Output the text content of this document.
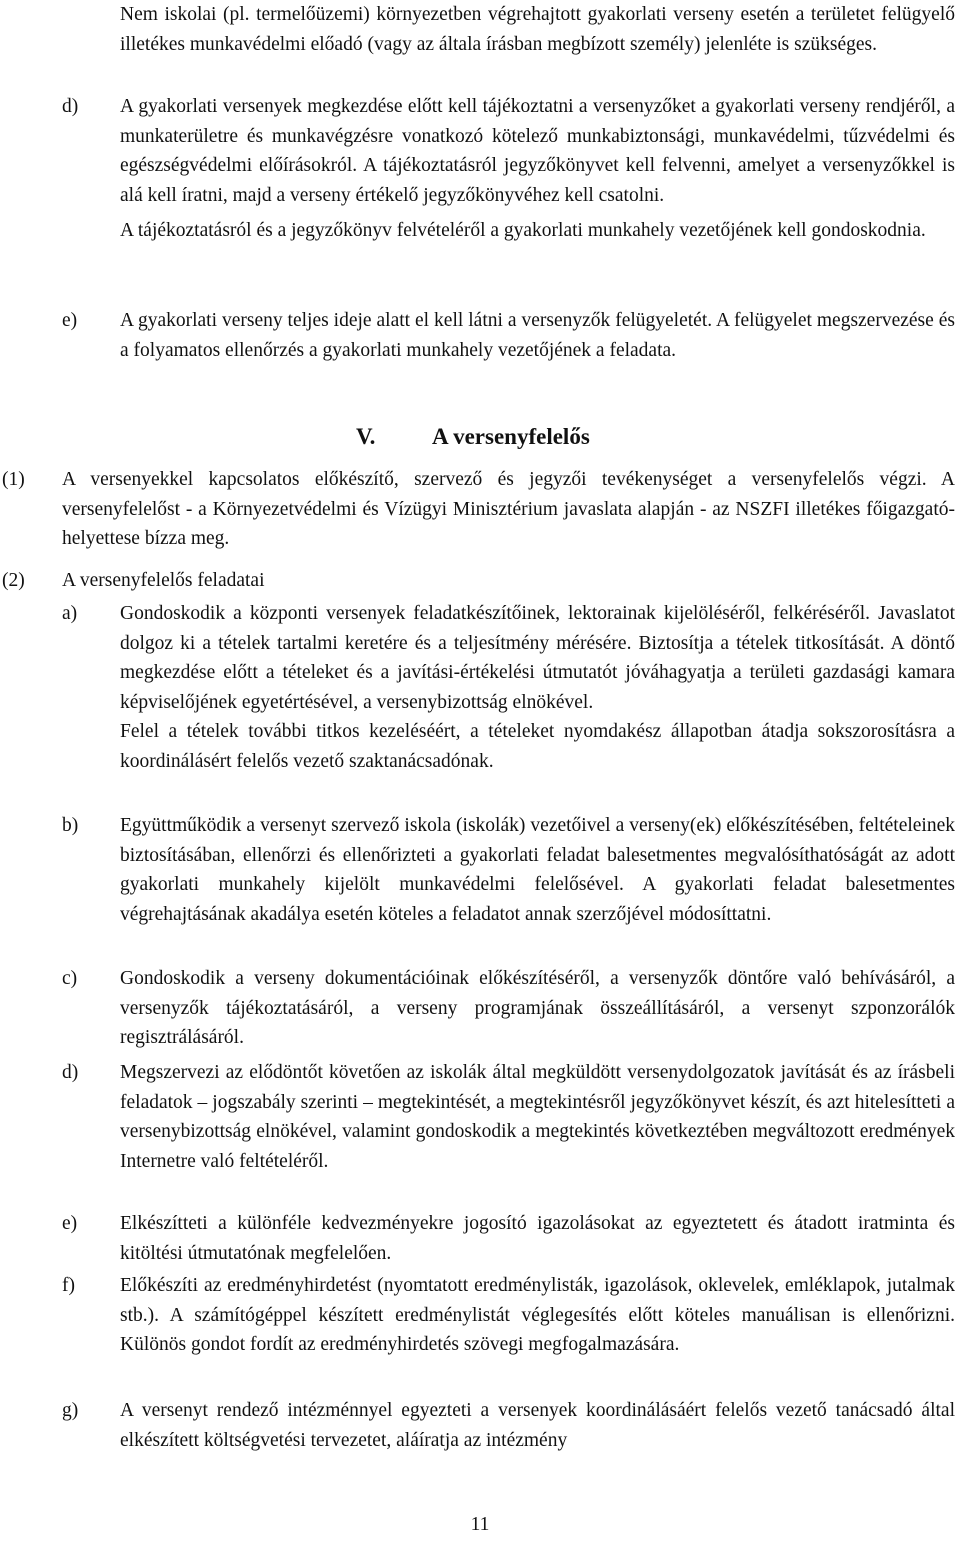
Nem iskolai (pl. termelőüzemi) környezetben végrehajtott gyakorlati verseny esetén a területet felügyelő illetékes munkavédelmi előadó (vagy az általa írásban megbízott személy) jelenléte is szükséges.

d)	A gyakorlati versenyek megkezdése előtt kell tájékoztatni a versenyzőket a gyakorlati verseny rendjéről, a munkaterületre és munkavégzésre vonatkozó kötelező munkabiztonsági, munkavédelmi, tűzvédelmi és egészségvédelmi előírásokról. A tájékoztatásról jegyzőkönyvet kell felvenni, amelyet a versenyzőkkel is alá kell íratni, majd a verseny értékelő jegyzőkönyvéhez kell csatolni.

A tájékoztatásról és a jegyzőkönyv felvételéről a gyakorlati munkahely vezetőjének kell gondoskodnia.

e)	A gyakorlati verseny teljes ideje alatt el kell látni a versenyzők felügyeletét. A felügyelet megszervezése és a folyamatos ellenőrzés a gyakorlati munkahely vezetőjének a feladata.

V. A versenyfelelős
(1)	A versenyekkel kapcsolatos előkészítő, szervező és jegyzői tevékenységet a versenyfelelős végzi. A versenyfelelőst - a Környezetvédelmi és Vízügyi Minisztérium javaslata alapján - az NSZFI illetékes főigazgató-helyettese bízza meg.

(2)	A versenyfelelős feladatai

a)	Gondoskodik a központi versenyek feladatkészítőinek, lektorainak kijelöléséről, felkéréséről. Javaslatot dolgoz ki a tételek tartalmi keretére és a teljesítmény mérésére. Biztosítja a tételek titkosítását. A döntő megkezdése előtt a tételeket és a javítási-értékelési útmutatót jóváhagyatja a területi gazdasági kamara képviselőjének egyetértésével, a versenybizottság elnökével.

Felel a tételek további titkos kezeléséért, a tételeket nyomdakész állapotban átadja sokszorosításra a koordinálásért felelős vezető szaktanácsadónak.

b)	Együttműködik a versenyt szervező iskola (iskolák) vezetőivel a verseny(ek) előkészítésében, feltételeinek biztosításában, ellenőrzi és ellenőrizteti a gyakorlati feladat balesetmentes megvalósíthatóságát az adott gyakorlati munkahely kijelölt munkavédelmi felelősével. A gyakorlati feladat balesetmentes végrehajtásának akadálya esetén köteles a feladatot annak szerzőjével módosíttatni.

c)	Gondoskodik a verseny dokumentációinak előkészítéséről, a versenyzők döntőre való behívásáról, a versenyzők tájékoztatásáról, a verseny programjának összeállításáról, a versenyt szponzorálók regisztrálásáról.

d)	Megszervezi az elődöntőt követően az iskolák által megküldött versenydolgozatok javítását és az írásbeli feladatok – jogszabály szerinti – megtekintését, a megtekintésről jegyzőkönyvet készít, és azt hitelesítteti a versenybizottság elnökével, valamint gondoskodik a megtekintés következtében megváltozott eredmények Internetre való feltételéről.

e)	Elkészítteti a különféle kedvezményekre jogosító igazolásokat az egyeztetett és átadott iratminta és kitöltési útmutatónak megfelelően.

f)	Előkészíti az eredményhirdetést (nyomtatott eredménylisták, igazolások, oklevelek, emléklapok, jutalmak stb.). A számítógéppel készített eredménylistát véglegesítés előtt köteles manuálisan is ellenőrizni. Különös gondot fordít az eredményhirdetés szövegi megfogalmazására.

g)	A versenyt rendező intézménnyel egyezteti a versenyek koordinálásáért felelős vezető tanácsadó által elkészített költségvetési tervezetet, aláíratja az intézmény

11
